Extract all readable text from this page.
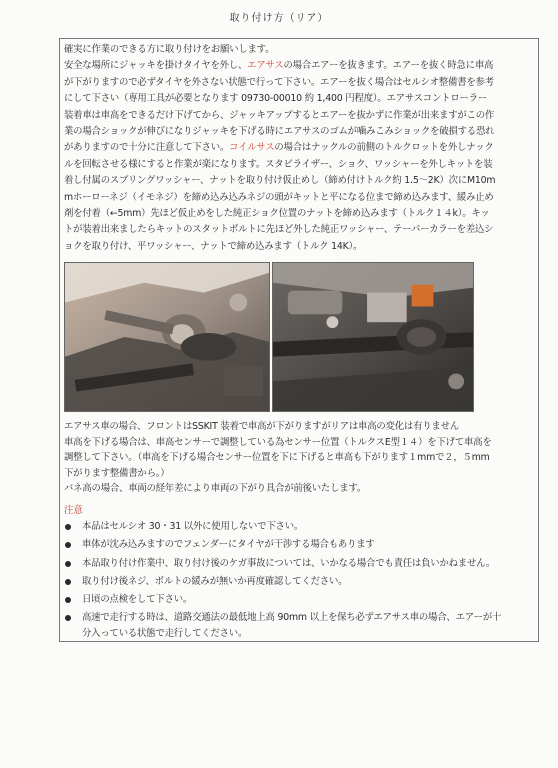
取り付け方（リア）
確実に作業のできる方に取り付けをお願いします。
安全な場所にジャッキを掛けタイヤを外し、エアサスの場合エアーを抜きます。エアーを抜く時急に車高が下がりますので必ずタイヤを外さない状態で行って下さい。エアーを抜く場合はセルシオ整備書を参考にして下さい（専用工具が必要となります 09730-00010 約 1,400 円程度）。エアサスコントローラー装着車は車高をできるだけ下げてから、ジャッキアップするとエアーを抜かずに作業が出来ますがこの作業の場合ショックが伸びになりジャッキを下げる時にエアサスのゴムが噛みこみショックを破損する恐れがありますので十分に注意して下さい。コイルサスの場合はナックルの前側のトルクロットを外しナックルを回転させる様にすると作業が楽になります。スタビライザー、ショク、ワッシャーを外しキットを装着し付属のスプリングワッシャー、ナットを取り付け仮止めし（締め付けトルク約 1.5～2K）次にM10mmホーローネジ（イモネジ）を締め込み込みネジの頭がキットと平になる位まで締め込みます、緩み止め剤を付着（←5mm）先ほど仮止めをした純正ショク位置のナットを締め込みます（トルク１４k）。キットが装着出来ましたらキットのスタットボルトに先ほど外した純正ワッシャー、テーパーカラーを差込ショクを取り付け、平ワッシャー、ナットで締め込みます（トルク 14K）。
エアサス車の場合、フロントはSSKIT 装着で車高が下がりますがリアは車高の変化は有りません
車高を下げる場合は、車高センサーで調整している為センサー位置（トルクスE型１４）を下げて車高を調整して下さい。（車高を下げる場合センサー位置を下に下げると車高も下がります１mmで２，５mm下がります整備書から。）
バネ高の場合、車両の経年差により車両の下がり具合が前後いたします。
注意
本品はセルシオ 30・31 以外に使用しないで下さい。
車体が沈み込みますのでフェンダーにタイヤが干渉する場合もあります
本品取り付け作業中、取り付け後のケガ事故については、いかなる場合でも責任は負いかねません。
取り付け後ネジ、ボルトの緩みが無いか再度確認してください。
日頃の点検をして下さい。
高速で走行する時は、道路交通法の最低地上高 90mm 以上を保ち必ずエアサス車の場合、エアーが十分入っている状態で走行してください。
